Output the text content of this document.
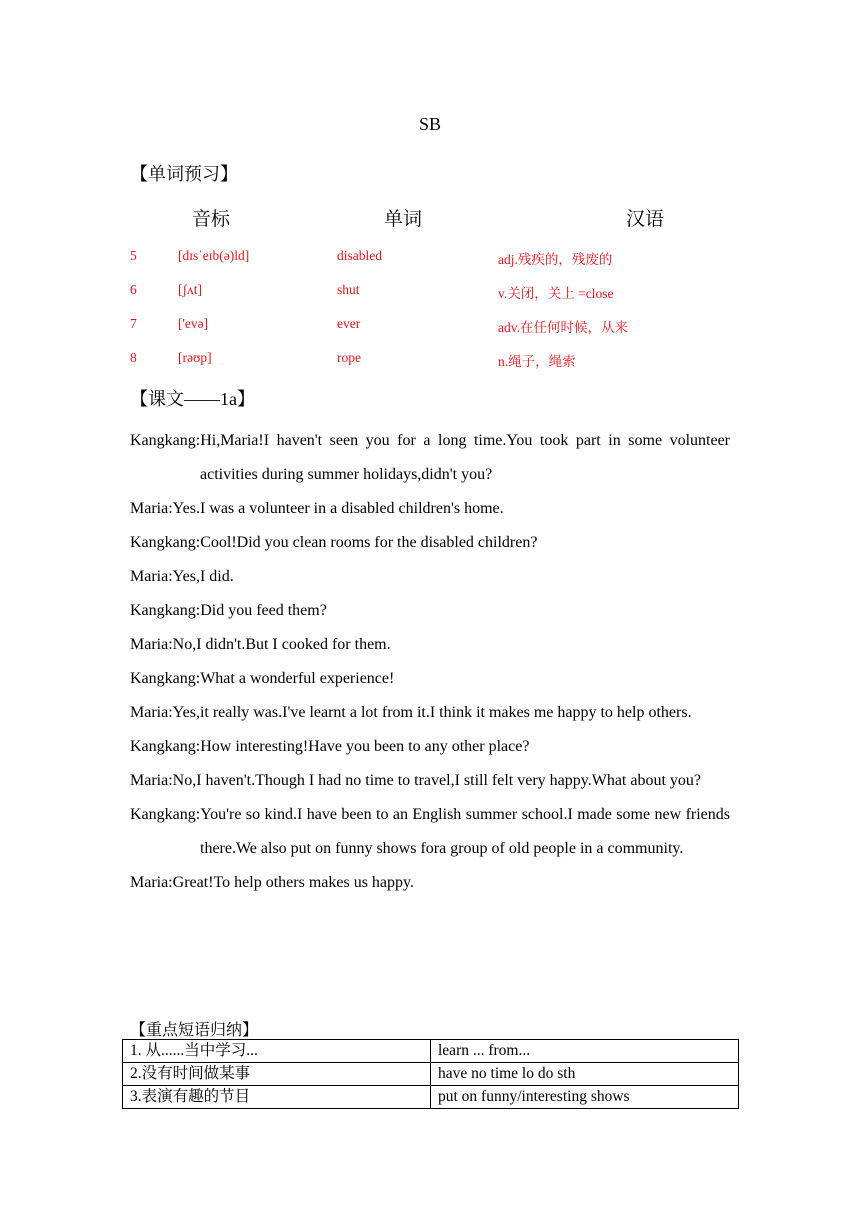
SB
【单词预习】
音标	单词	汉语
5	[dɪsˈeɪb(ə)ld]	disabled	adj.残疾的，残废的
6	[ʃʌt]	shut	v.关闭，关上 =close
7	['evə]	ever	adv.在任何时候，从来
8	[rəʊp]	rope	n.绳子，绳索
【课文——1a】

Kangkang:Hi,Maria!I haven't seen you for a long time.You took part in some volunteer activities during summer holidays,didn't you?

Maria:Yes.I was a volunteer in a disabled children's home.

Kangkang:Cool!Did you clean rooms for the disabled children?

Maria:Yes,I did.

Kangkang:Did you feed them?

Maria:No,I didn't.But I cooked for them.

Kangkang:What a wonderful experience!

Maria:Yes,it really was.I've learnt a lot from it.I think it makes me happy to help others.

Kangkang:How interesting!Have you been to any other place?

Maria:No,I haven't.Though I had no time to travel,I still felt very happy.What about you?

Kangkang:You're so kind.I have been to an English summer school.I made some new friends there.We also put on funny shows fora group of old people in a community.

Maria:Great!To help others makes us happy.

【重点短语归纳】
1. 从......当中学习...	learn ... from...
2.没有时间做某事	have no time lo do sth
3.表演有趣的节目	put on funny/interesting shows
